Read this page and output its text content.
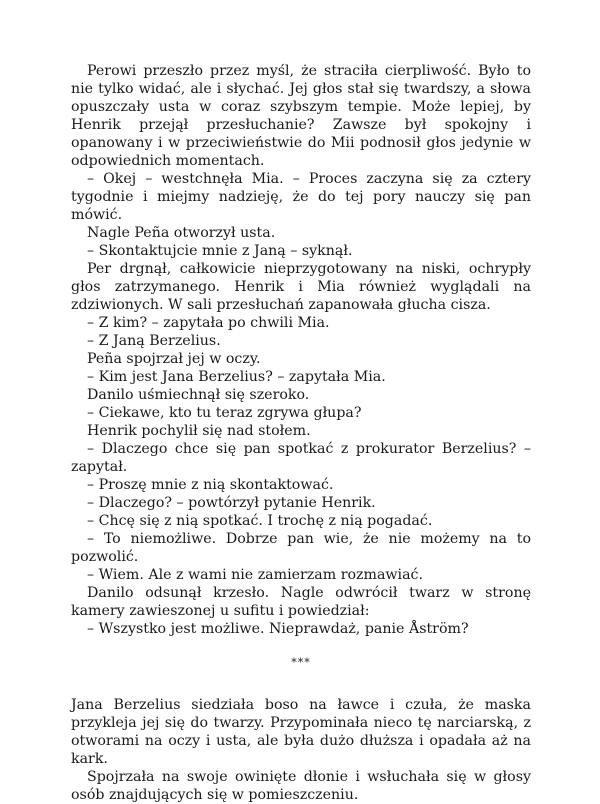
Perowi przeszło przez myśl, że straciła cierpliwość. Było to nie tylko widać, ale i słychać. Jej głos stał się twardszy, a słowa opuszczały usta w coraz szybszym tempie. Może lepiej, by Henrik przejął przesłuchanie? Zawsze był spokojny i opanowany i w przeciwieństwie do Mii podnosił głos jedynie w odpowiednich momentach.

– Okej – westchnęła Mia. – Proces zaczyna się za cztery tygodnie i miejmy nadzieję, że do tej pory nauczy się pan mówić.

Nagle Peña otworzył usta.

– Skontaktujcie mnie z Janą – syknął.

Per drgnął, całkowicie nieprzygotowany na niski, ochrypły głos zatrzymanego. Henrik i Mia również wyglądali na zdziwionych. W sali przesłuchań zapanowała głucha cisza.

– Z kim? – zapytała po chwili Mia.

– Z Janą Berzelius.

Peña spojrzał jej w oczy.

– Kim jest Jana Berzelius? – zapytała Mia.

Danilo uśmiechnął się szeroko.

– Ciekawe, kto tu teraz zgrywa głupa?

Henrik pochylił się nad stołem.

– Dlaczego chce się pan spotkać z prokurator Berzelius? – zapytał.

– Proszę mnie z nią skontaktować.

– Dlaczego? – powtórzył pytanie Henrik.

– Chcę się z nią spotkać. I trochę z nią pogadać.

– To niemożliwe. Dobrze pan wie, że nie możemy na to pozwolić.

– Wiem. Ale z wami nie zamierzam rozmawiać.

Danilo odsunął krzesło. Nagle odwrócił twarz w stronę kamery zawieszonej u sufitu i powiedział:

– Wszystko jest możliwe. Nieprawdaż, panie Åström?

***

Jana Berzelius siedziała boso na ławce i czuła, że maska przykleja jej się do twarzy. Przypominała nieco tę narciarską, z otworami na oczy i usta, ale była dużo dłuższa i opadała aż na kark.

Spojrzała na swoje owinięte dłonie i wsłuchała się w głosy osób znajdujących się w pomieszczeniu.
